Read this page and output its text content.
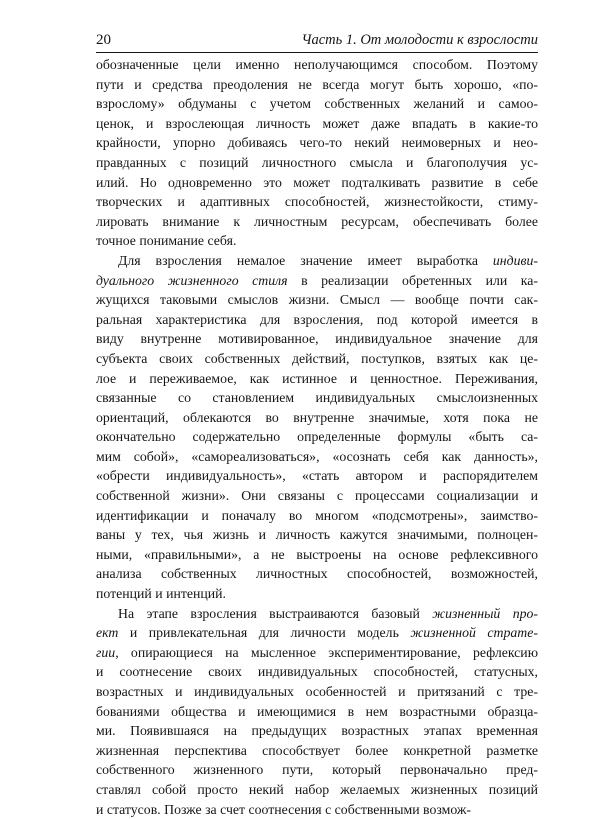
20	Часть 1. От молодости к взрослости
обозначенные цели именно неполучающимся способом. Поэтому
пути и средства преодоления не всегда могут быть хорошо, «по-
взрослому» обдуманы с учетом собственных желаний и самоо-
ценок, и взрослеющая личность может даже впадать в какие-то
крайности, упорно добиваясь чего-то некий неимоверных и нео-
правданных с позиций личностного смысла и благополучия ус-
илий. Но одновременно это может подталкивать развитие в себе
творческих и адаптивных способностей, жизнестойкости, стиму-
лировать внимание к личностным ресурсам, обеспечивать более
точное понимание себя.
Для взросления немалое значение имеет выработка индиви-
дуального жизненного стиля в реализации обретенных или ка-
жущихся таковыми смыслов жизни. Смысл — вообще почти сак-
ральная характеристика для взросления, под которой имеется в
виду внутренне мотивированное, индивидуальное значение для
субъекта своих собственных действий, поступков, взятых как це-
лое и переживаемое, как истинное и ценностное. Переживания,
связанные со становлением индивидуальных смыслоизненных
ориентаций, облекаются во внутренне значимые, хотя пока не
окончательно содержательно определенные формулы «быть са-
мим собой», «самореализоваться», «осознать себя как данность»,
«обрести индивидуальность», «стать автором и распорядителем
собственной жизни». Они связаны с процессами социализации и
идентификации и поначалу во многом «подсмотрены», заимство-
ваны у тех, чья жизнь и личность кажутся значимыми, полноцен-
ными, «правильными», а не выстроены на основе рефлексивного
анализа собственных личностных способностей, возможностей,
потенций и интенций.
На этапе взросления выстраиваются базовый жизненный про-
ект и привлекательная для личности модель жизненной страте-
гии, опирающиеся на мысленное экспериментирование, рефлексию
и соотнесение своих индивидуальных способностей, статусных,
возрастных и индивидуальных особенностей и притязаний с тре-
бованиями общества и имеющимися в нем возрастными образца-
ми. Появившаяся на предыдущих возрастных этапах временная
жизненная перспектива способствует более конкретной разметке
собственного жизненного пути, который первоначально пред-
ставлял собой просто некий набор желаемых жизненных позиций
и статусов. Позже за счет соотнесения с собственными возмож-
